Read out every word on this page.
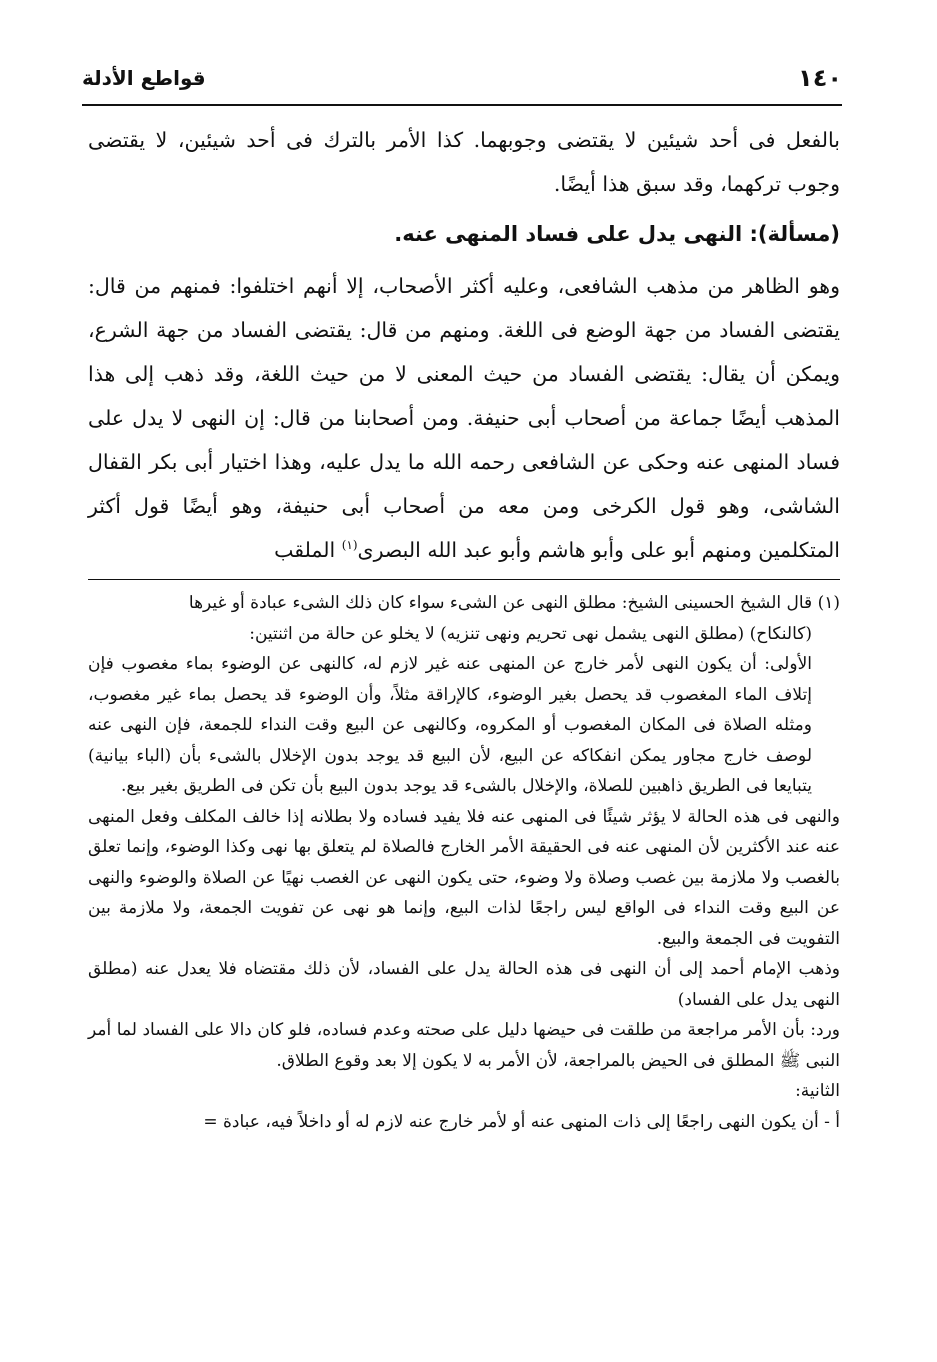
١٤٠
قواطع الأدلة

بالفعل فى أحد شيئين لا يقتضى وجوبهما. كذا الأمر بالترك فى أحد شيئين، لا يقتضى وجوب تركهما، وقد سبق هذا أيضًا.

(مسألة): النهى يدل على فساد المنهى عنه.

وهو الظاهر من مذهب الشافعى، وعليه أكثر الأصحاب، إلا أنهم اختلفوا: فمنهم من قال: يقتضى الفساد من جهة الوضع فى اللغة. ومنهم من قال: يقتضى الفساد من جهة الشرع، ويمكن أن يقال: يقتضى الفساد من حيث المعنى لا من حيث اللغة، وقد ذهب إلى هذا المذهب أيضًا جماعة من أصحاب أبى حنيفة. ومن أصحابنا من قال: إن النهى لا يدل على فساد المنهى عنه وحكى عن الشافعى رحمه الله ما يدل عليه، وهذا اختيار أبى بكر القفال الشاشى، وهو قول الكرخى ومن معه من أصحاب أبى حنيفة، وهو أيضًا قول أكثر المتكلمين ومنهم أبو على وأبو هاشم وأبو عبد الله البصرى$^{(١)}$ الملقب

(١) قال الشيخ الحسينى الشيخ: مطلق النهى عن الشىء سواء كان ذلك الشىء عبادة أو غيرها

(كالنكاح) (مطلق النهى يشمل نهى تحريم ونهى تنزيه) لا يخلو عن حالة من اثنتين:

الأولى: أن يكون النهى لأمر خارج عن المنهى عنه غير لازم له، كالنهى عن الوضوء بماء مغصوب فإن إتلاف الماء المغصوب قد يحصل بغير الوضوء، كالإراقة مثلاً، وأن الوضوء قد يحصل بماء غير مغصوب، ومثله الصلاة فى المكان المغصوب أو المكروه، وكالنهى عن البيع وقت النداء للجمعة، فإن النهى عنه لوصف خارج مجاور يمكن انفكاكه عن البيع، لأن البيع قد يوجد بدون الإخلال بالشىء بأن (الباء بيانية) يتبايعا فى الطريق ذاهبين للصلاة، والإخلال بالشىء قد يوجد بدون البيع بأن تكن فى الطريق بغير بيع.

والنهى فى هذه الحالة لا يؤثر شيئًا فى المنهى عنه فلا يفيد فساده ولا بطلانه إذا خالف المكلف وفعل المنهى عنه عند الأكثرين لأن المنهى عنه فى الحقيقة الأمر الخارج فالصلاة لم يتعلق بها نهى وكذا الوضوء، وإنما تعلق بالغصب ولا ملازمة بين غصب وصلاة ولا وضوء، حتى يكون النهى عن الغصب نهيًا عن الصلاة والوضوء والنهى عن البيع وقت النداء فى الواقع ليس راجعًا لذات البيع، وإنما هو نهى عن تفويت الجمعة، ولا ملازمة بين التفويت فى الجمعة والبيع.

وذهب الإمام أحمد إلى أن النهى فى هذه الحالة يدل على الفساد، لأن ذلك مقتضاه فلا يعدل عنه (مطلق النهى يدل على الفساد)

ورد: بأن الأمر مراجعة من طلقت فى حيضها دليل على صحته وعدم فساده، فلو كان دالا على الفساد لما أمر النبى ﷺ المطلق فى الحيض بالمراجعة، لأن الأمر به لا يكون إلا بعد وقوع الطلاق.

الثانية:

أ - أن يكون النهى راجعًا إلى ذات المنهى عنه أو لأمر خارج عنه لازم له أو داخلاً فيه، عبادة =
